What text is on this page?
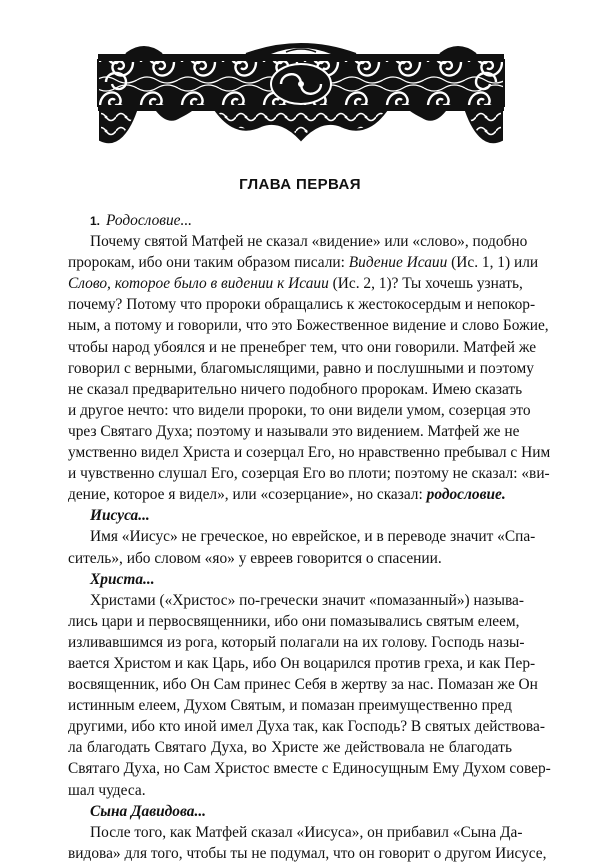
ГЛАВА ПЕРВАЯ
1. Родословие...
Почему святой Матфей не сказал «видение» или «слово», подобно
пророкам, ибо они таким образом писали: Видение Исаии (Ис. 1, 1) или
Слово, которое было в видении к Исаии (Ис. 2, 1)? Ты хочешь узнать,
почему? Потому что пророки обращались к жестокосердым и непокор-
ным, а потому и говорили, что это Божественное видение и слово Божие,
чтобы народ убоялся и не пренебрег тем, что они говорили. Матфей же
говорил с верными, благомыслящими, равно и послушными и поэтому
не сказал предварительно ничего подобного пророкам. Имею сказать
и другое нечто: что видели пророки, то они видели умом, созерцая это
чрез Святаго Духа; поэтому и называли это видением. Матфей же не
умственно видел Христа и созерцал Его, но нравственно пребывал с Ним
и чувственно слушал Его, созерцая Его во плоти; поэтому не сказал: «ви-
дение, которое я видел», или «созерцание», но сказал: родословие.
Иисуса...
Имя «Иисус» не греческое, но еврейское, и в переводе значит «Спа-
ситель», ибо словом «яо» у евреев говорится о спасении.
Христа...
Христами («Христос» по-гречески значит «помазанный») называ-
лись цари и первосвященники, ибо они помазывались святым елеем,
изливавшимся из рога, который полагали на их голову. Господь назы-
вается Христом и как Царь, ибо Он воцарился против греха, и как Пер-
восвященник, ибо Он Сам принес Себя в жертву за нас. Помазан же Он
истинным елеем, Духом Святым, и помазан преимущественно пред
другими, ибо кто иной имел Духа так, как Господь? В святых действова-
ла благодать Святаго Духа, во Христе же действовала не благодать
Святаго Духа, но Сам Христос вместе с Единосущным Ему Духом совер-
шал чудеса.
Сына Давидова...
После того, как Матфей сказал «Иисуса», он прибавил «Сына Да-
видова» для того, чтобы ты не подумал, что он говорит о другом Иисусе,
